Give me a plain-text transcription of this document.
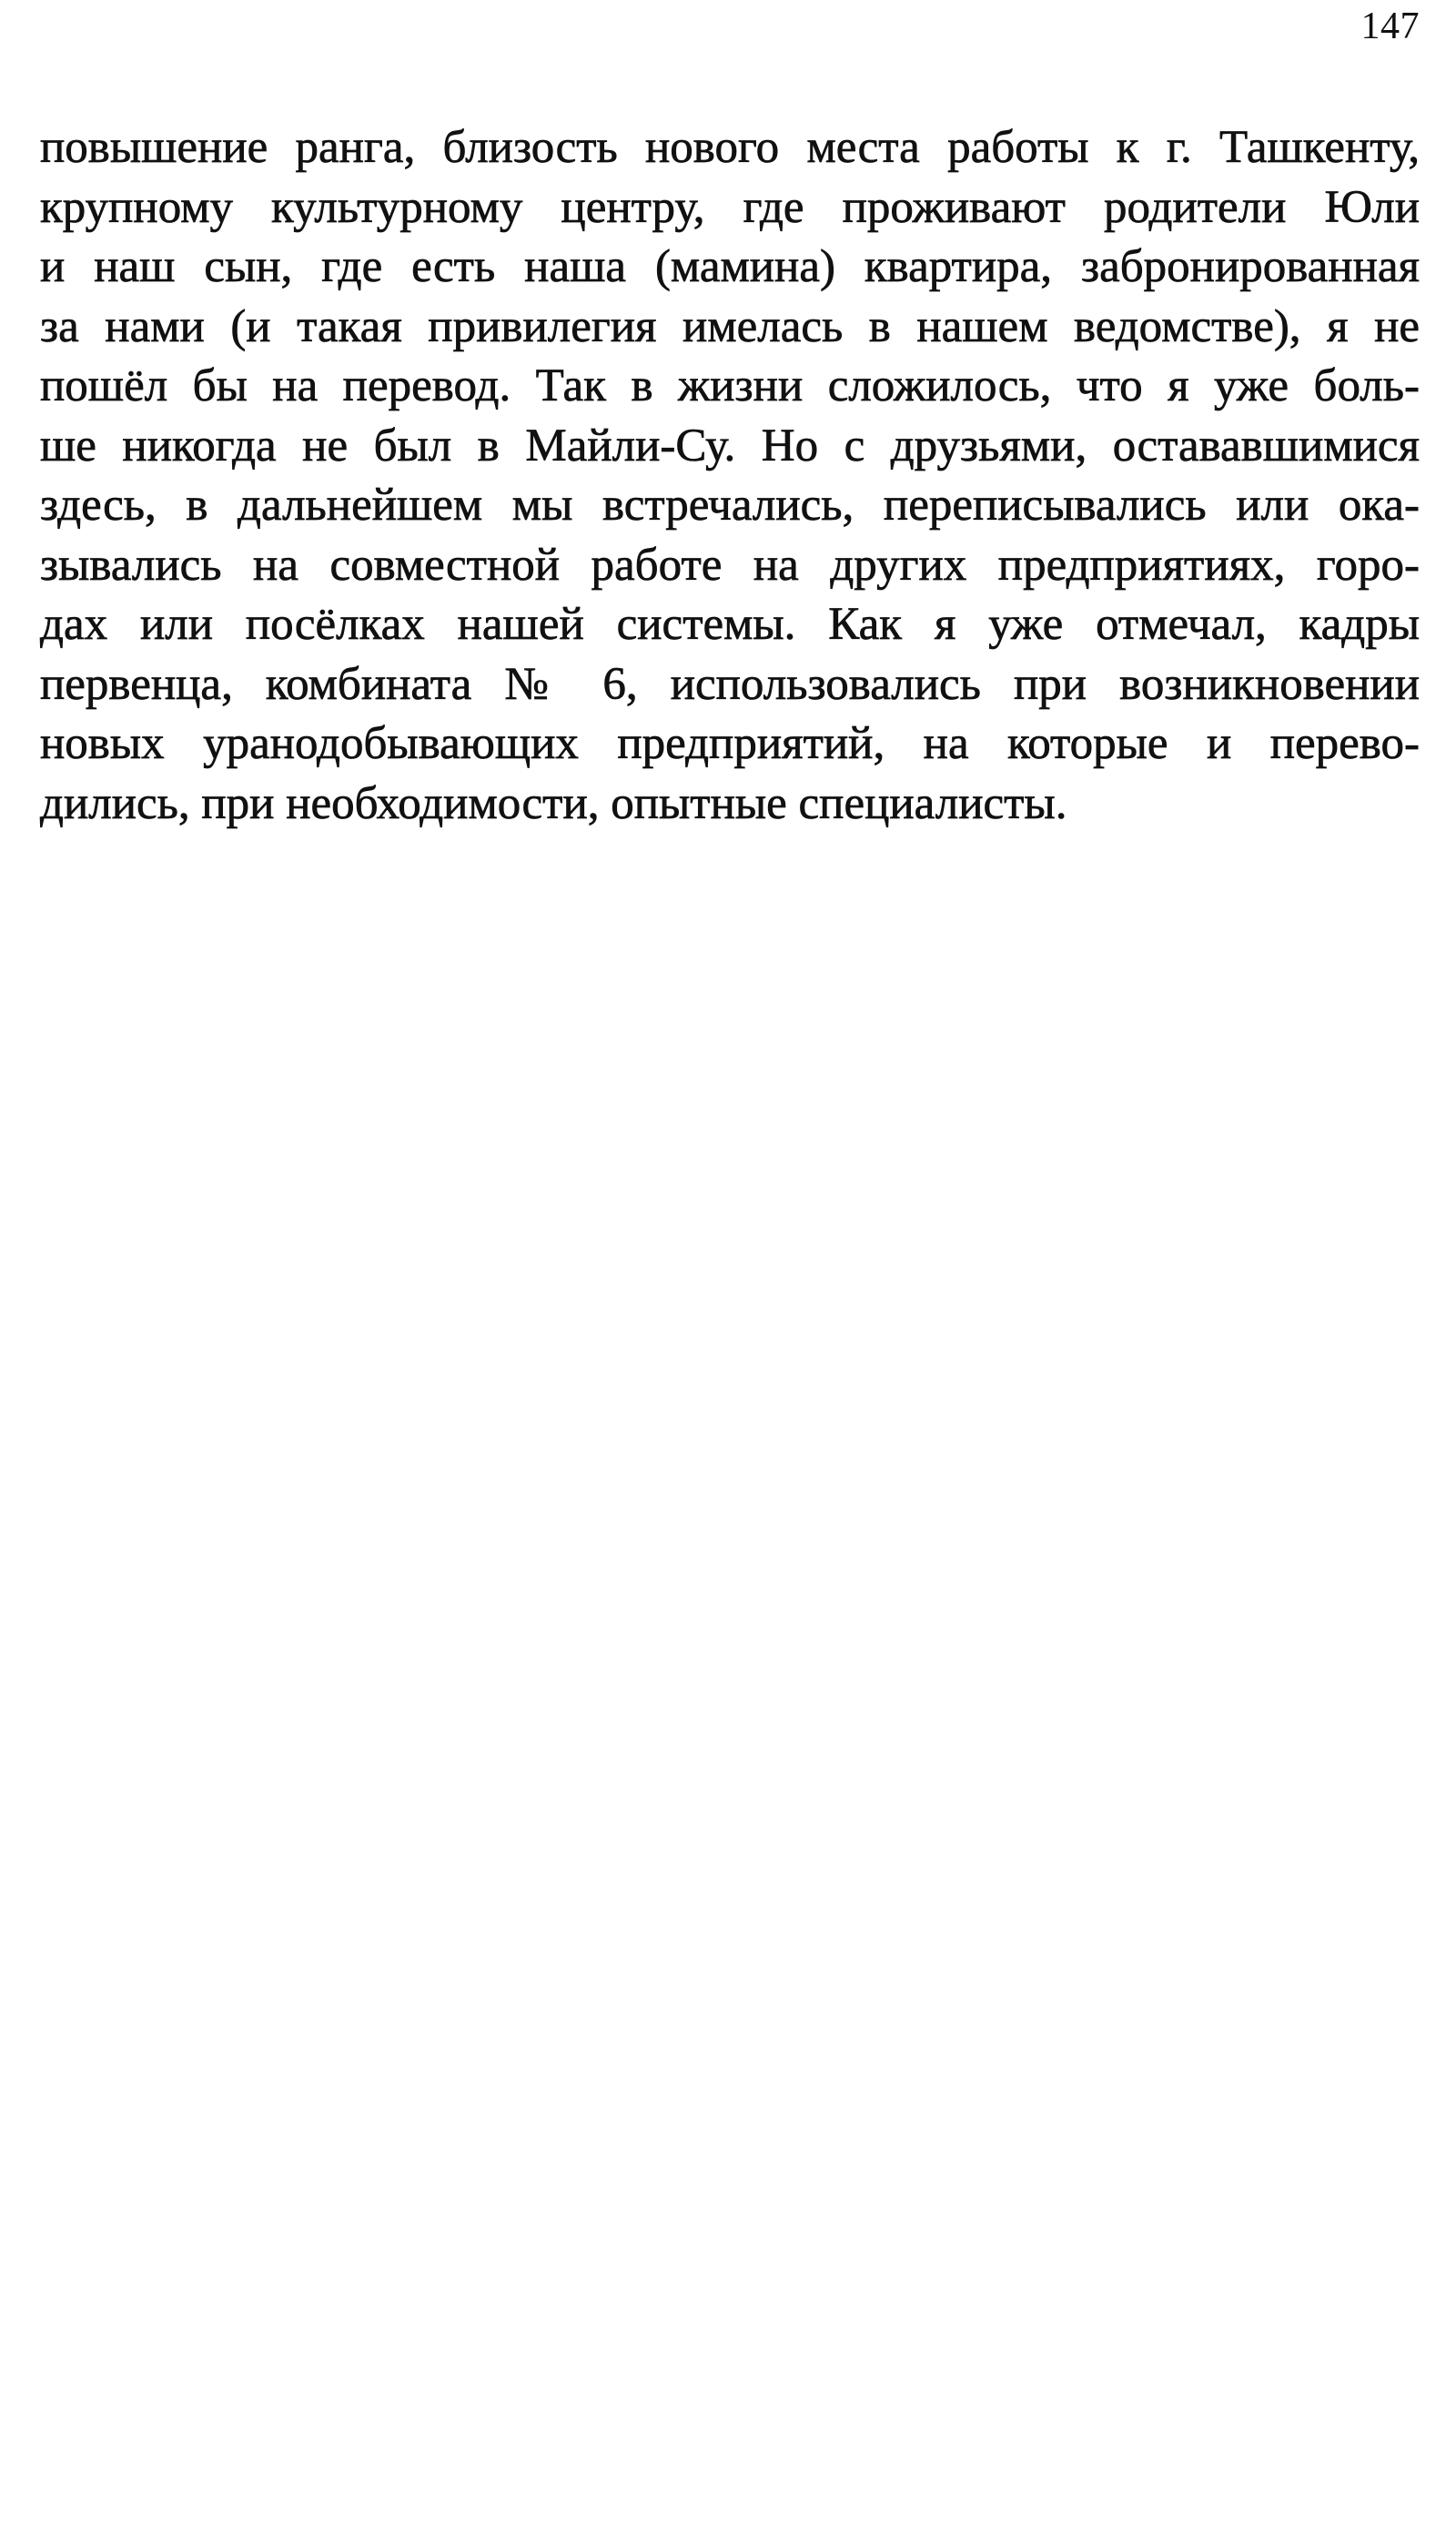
147
повышение ранга, близость нового места работы к г. Ташкенту,
крупному культурному центру, где проживают родители Юли
и наш сын, где есть наша (мамина) квартира, забронированная
за нами (и такая привилегия имелась в нашем ведомстве), я не
пошёл бы на перевод. Так в жизни сложилось, что я уже боль-
ше никогда не был в Майли-Су. Но с друзьями, остававшимися
здесь, в дальнейшем мы встречались, переписывались или ока-
зывались на совместной работе на других предприятиях, горо-
дах или посёлках нашей системы. Как я уже отмечал, кадры
первенца, комбината № 6, использовались при возникновении
новых уранодобывающих предприятий, на которые и перево-
дились, при необходимости, опытные специалисты.
